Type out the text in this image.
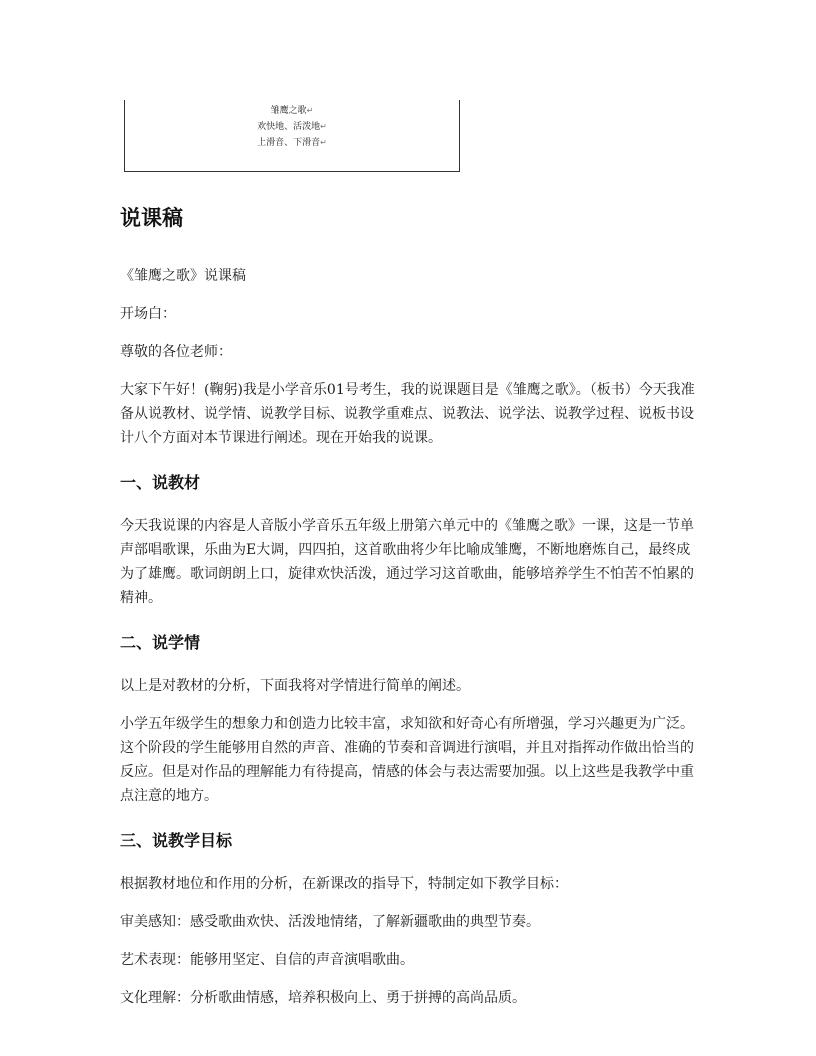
雏鹰之歌↵
欢快地、活泼地↵
上滑音、下滑音↵
说课稿

《雏鹰之歌》说课稿

开场白：

尊敬的各位老师：

大家下午好！(鞠躬)我是小学音乐01号考生，我的说课题目是《雏鹰之歌》。（板书）今天我准备从说教材、说学情、说教学目标、说教学重难点、说教法、说学法、说教学过程、说板书设计八个方面对本节课进行阐述。现在开始我的说课。

一、说教材

今天我说课的内容是人音版小学音乐五年级上册第六单元中的《雏鹰之歌》一课，这是一节单声部唱歌课，乐曲为E大调，四四拍，这首歌曲将少年比喻成雏鹰，不断地磨炼自己，最终成为了雄鹰。歌词朗朗上口，旋律欢快活泼，通过学习这首歌曲，能够培养学生不怕苦不怕累的精神。

二、说学情

以上是对教材的分析，下面我将对学情进行简单的阐述。

小学五年级学生的想象力和创造力比较丰富，求知欲和好奇心有所增强，学习兴趣更为广泛。这个阶段的学生能够用自然的声音、准确的节奏和音调进行演唱，并且对指挥动作做出恰当的反应。但是对作品的理解能力有待提高，情感的体会与表达需要加强。以上这些是我教学中重点注意的地方。

三、说教学目标

根据教材地位和作用的分析，在新课改的指导下，特制定如下教学目标：

审美感知：感受歌曲欢快、活泼地情绪，了解新疆歌曲的典型节奏。

艺术表现：能够用坚定、自信的声音演唱歌曲。

文化理解：分析歌曲情感，培养积极向上、勇于拼搏的高尚品质。
